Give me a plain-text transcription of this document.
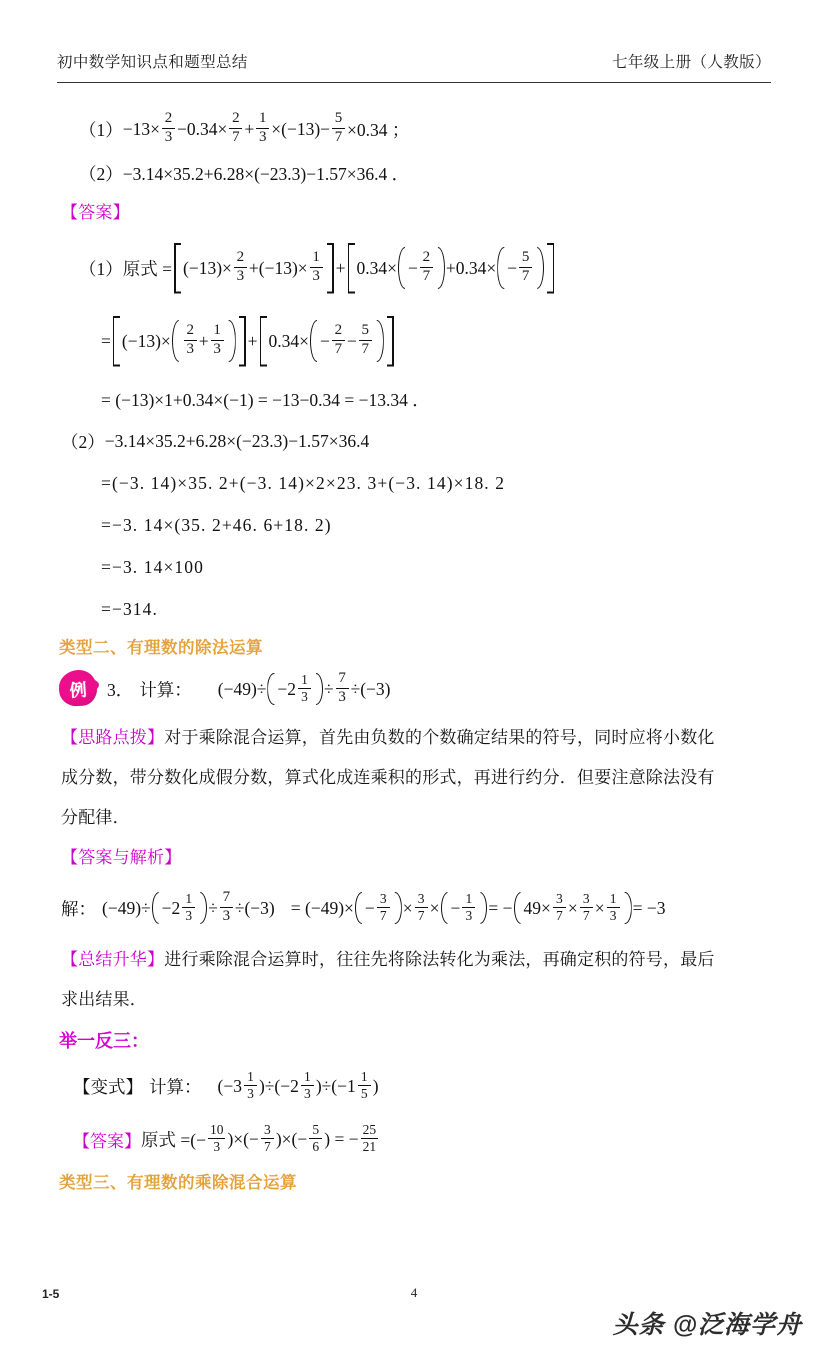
初中数学知识点和题型总结	七年级上册（人教版）
$(1) -13\times \frac{2}{3} -0.34\times \frac{2}{7} + \frac{1}{3} \times(-13)- \frac{5}{7} \times 0.34$ ；
（2） −3.14×35.2+6.28×(−23.3)−1.57×36.4 ．
【答案】
（1）原式 = $(-13)\times \frac{2}{3} +(-13)\times \frac{1}{3} + 0.34\times - \frac{2}{7} +0.34\times - \frac{5}{7}$
= $(-13)\times \frac{2}{3} + \frac{1}{3} + 0.34\times - \frac{2}{7} - \frac{5}{7}$
= (−13)×1+0.34×(−1) = −13−0.34 = −13.34 ．
（2） −3.14×35.2+6.28×(−23.3)−1.57×36.4
=(−3. 14)×35. 2+(−3. 14)×2×23. 3+(−3. 14)×18. 2
=−3. 14×(35. 2+46. 6+18. 2)
=−3. 14×100
=−314.
类型二、有理数的除法运算
例	3． 计算： $(-49)\div -2 \frac{1}{3} \div \frac{7}{3} \div(-3)$
【思路点拨】 对于乘除混合运算，首先由负数的个数确定结果的符号，同时应将小数化
成分数，带分数化成假分数，算式化成连乘积的形式，再进行约分．但要注意除法没有
分配律．
【答案与解析】
解： $(-49)\div -2 \frac{1}{3} \div \frac{7}{3} \div(-3) = (-49)\times - \frac{3}{7} \times \frac{3}{7}$ × − $\frac{1}{3}$ = − $49\times \frac{3}{7} \times \frac{3}{7} \times \frac{1}{3} = -3$
【总结升华】 进行乘除混合运算时，往往先将除法转化为乘法，再确定积的符号，最后
求出结果．
举一反三：
【变式】 计算： $(-3 \frac{1}{3} )\div(-2 \frac{1}{3} )\div(-1 \frac{1}{5}$ )
【答案】 原式 =(− $\frac{10}{3}$ )×(− $\frac{3}{7}$ )×(− $\frac{5}{6}$ ) = − $\frac{25}{21}$
类型三、有理数的乘除混合运算
1-5	4
头条 @泛海学舟
